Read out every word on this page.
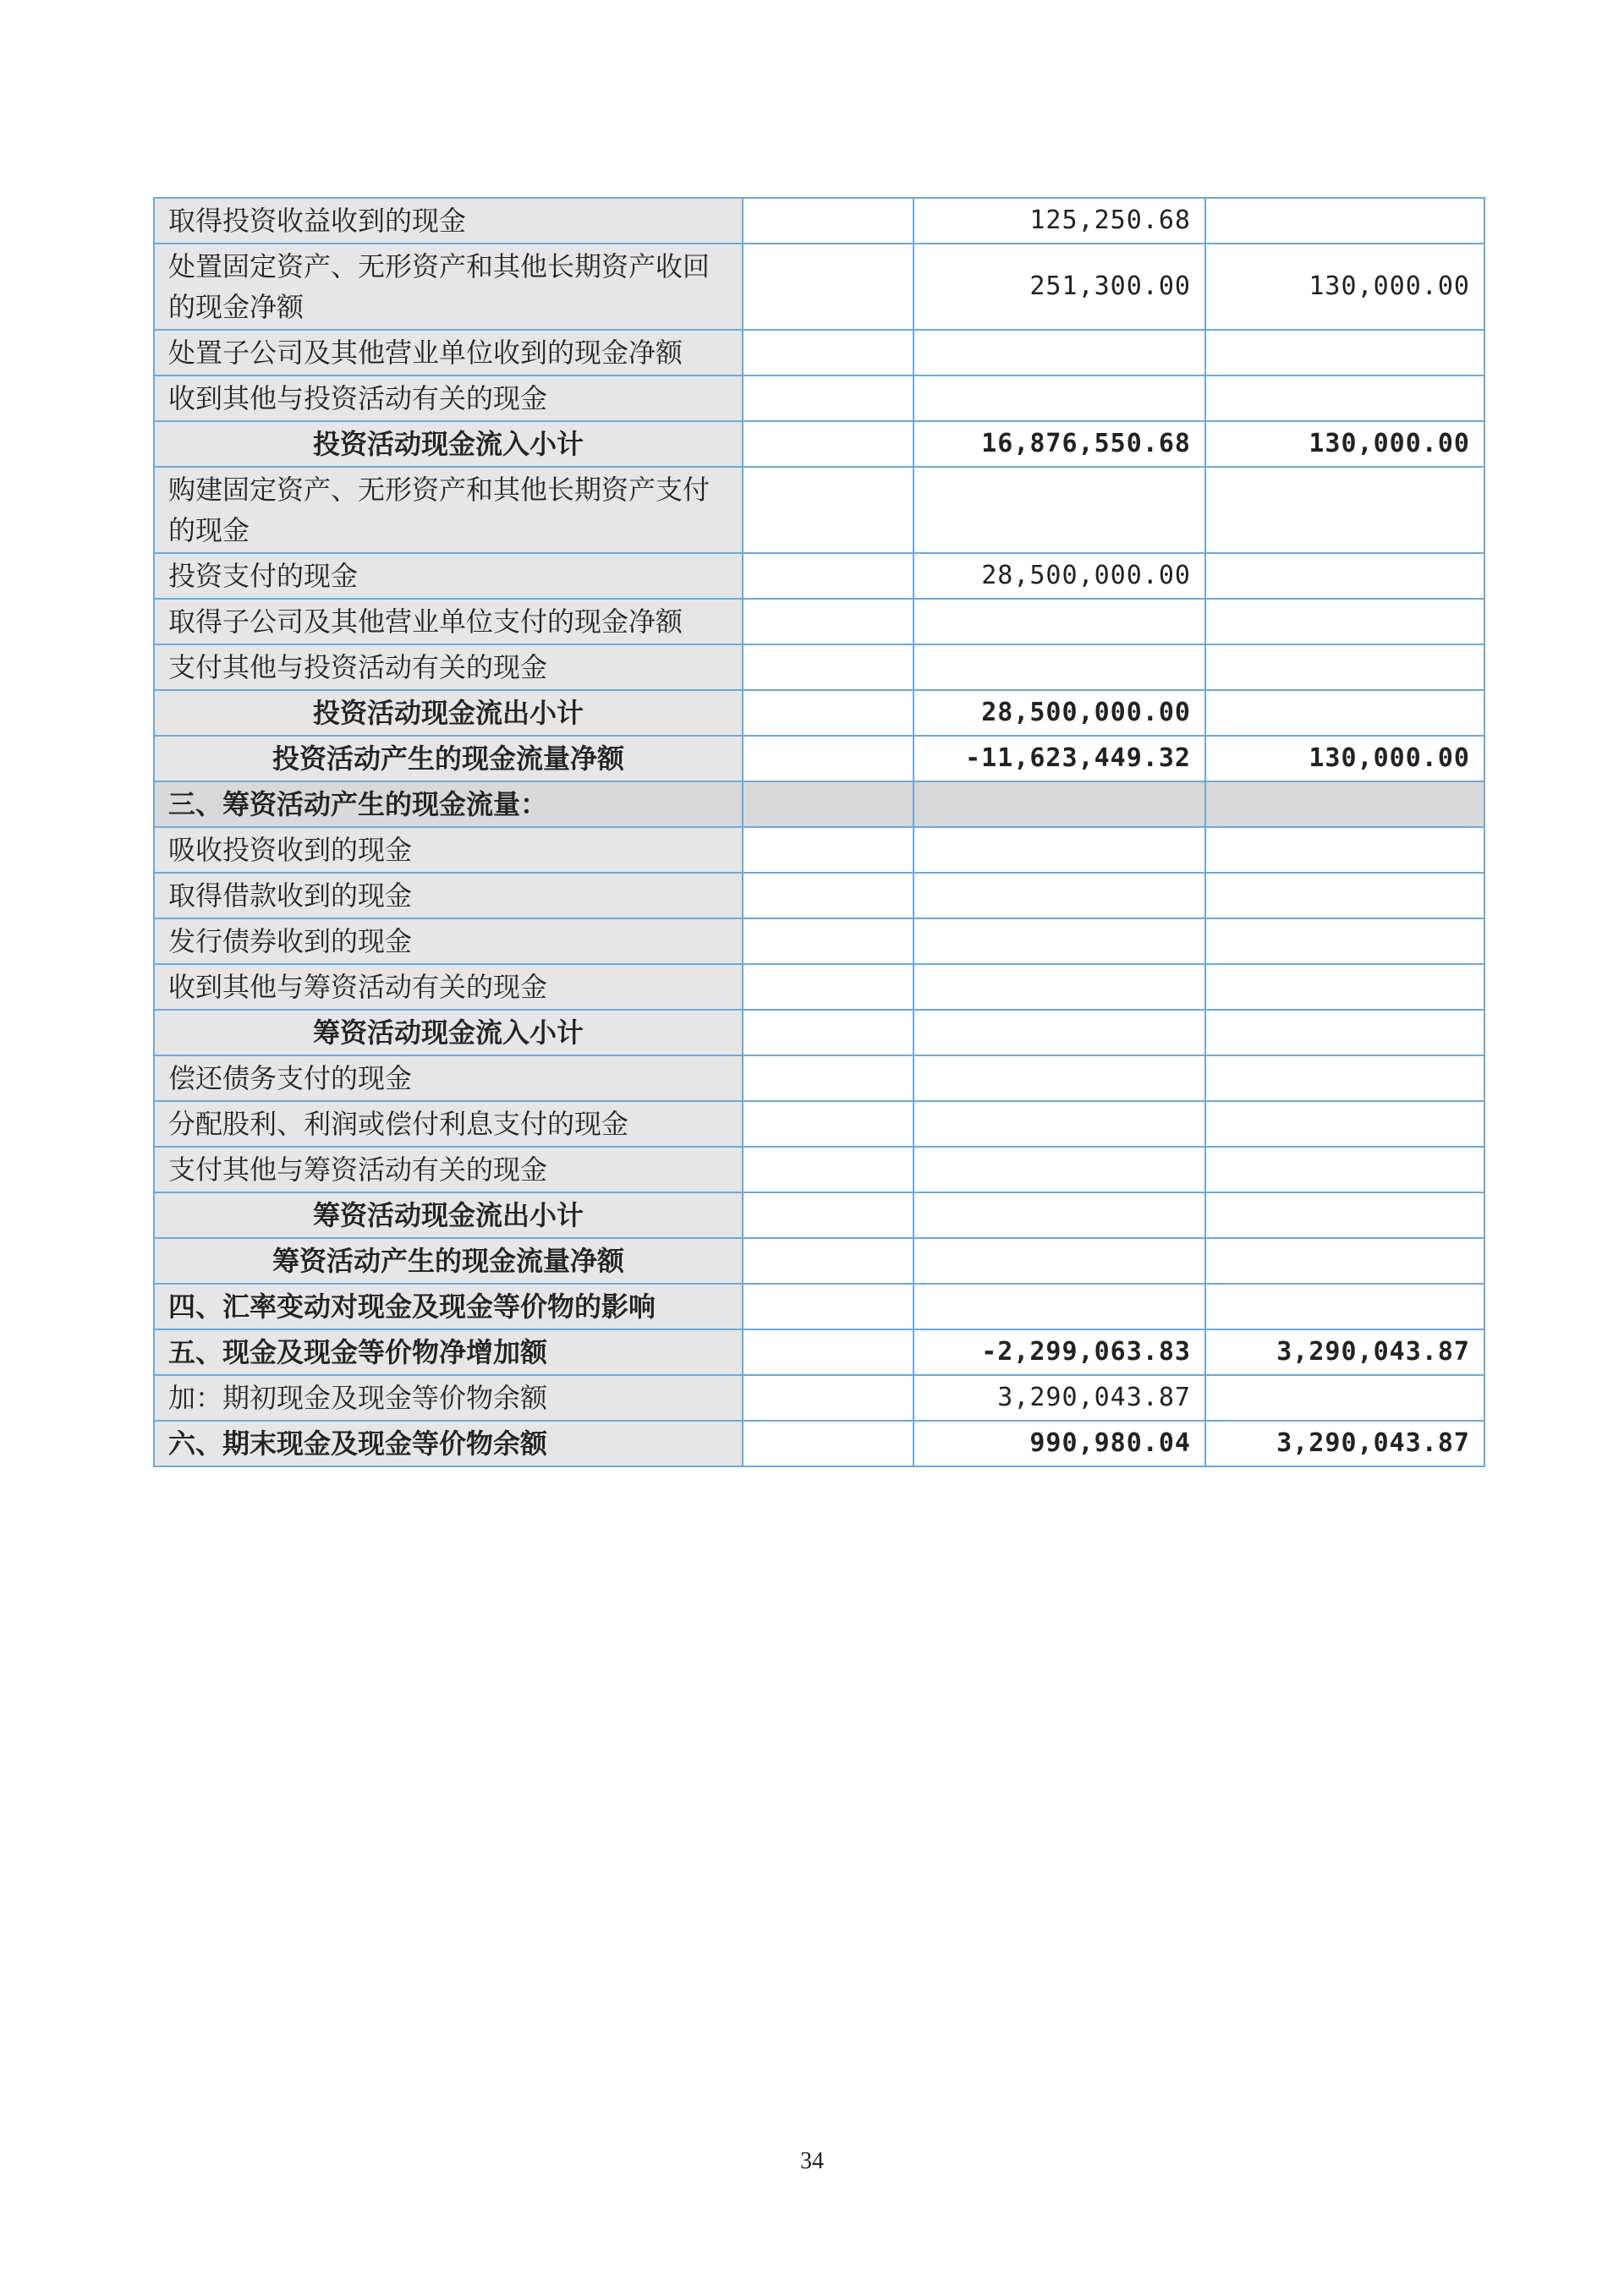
取得投资收益收到的现金		125,250.68	
处置固定资产、无形资产和其他长期资产收回的现金净额		251,300.00	130,000.00
处置子公司及其他营业单位收到的现金净额			
收到其他与投资活动有关的现金			
投资活动现金流入小计		16,876,550.68	130,000.00
购建固定资产、无形资产和其他长期资产支付的现金			
投资支付的现金		28,500,000.00	
取得子公司及其他营业单位支付的现金净额			
支付其他与投资活动有关的现金			
投资活动现金流出小计		28,500,000.00	
投资活动产生的现金流量净额		-11,623,449.32	130,000.00
三、筹资活动产生的现金流量：			
吸收投资收到的现金			
取得借款收到的现金			
发行债券收到的现金			
收到其他与筹资活动有关的现金			
筹资活动现金流入小计			
偿还债务支付的现金			
分配股利、利润或偿付利息支付的现金			
支付其他与筹资活动有关的现金			
筹资活动现金流出小计			
筹资活动产生的现金流量净额			
四、汇率变动对现金及现金等价物的影响			
五、现金及现金等价物净增加额		-2,299,063.83	3,290,043.87
加：期初现金及现金等价物余额		3,290,043.87	
六、期末现金及现金等价物余额		990,980.04	3,290,043.87
34
